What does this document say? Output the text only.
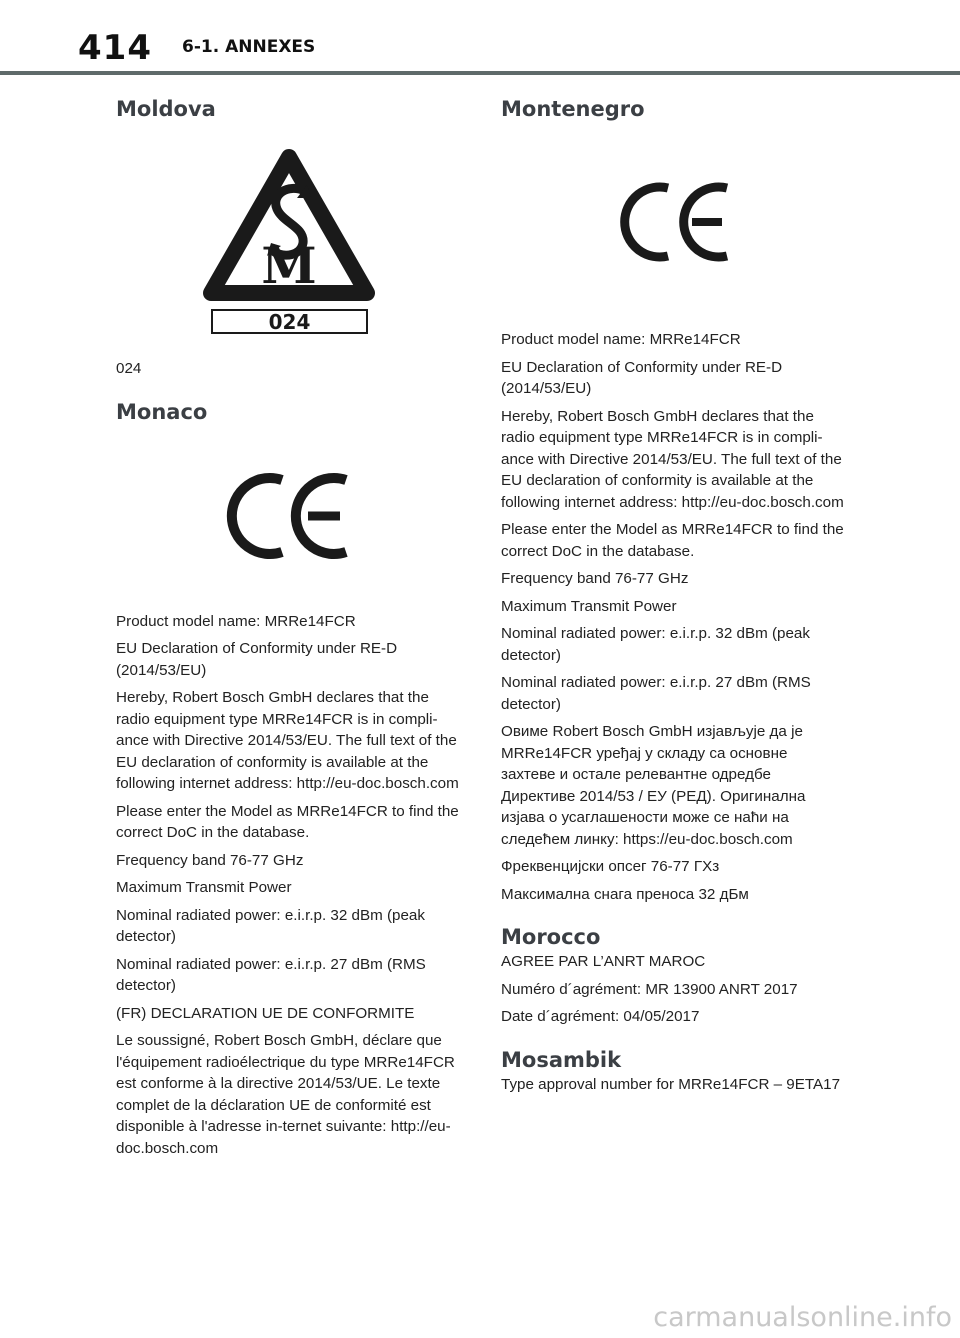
414 6-1. ANNEXES
Moldova
M
024

024

Monaco

Product model name: MRRe14FCR

EU Declaration of Conformity under RE-D (2014/53/EU)

Hereby, Robert Bosch GmbH declares that the radio equipment type MRRe14FCR is in compli-ance with Directive 2014/53/EU. The full text of the EU declaration of conformity is available at the following internet address: http://eu-doc.bosch.com

Please enter the Model as MRRe14FCR to find the correct DoC in the database.

Frequency band 76-77 GHz

Maximum Transmit Power

Nominal radiated power: e.i.r.p. 32 dBm (peak detector)

Nominal radiated power: e.i.r.p. 27 dBm (RMS detector)

(FR) DECLARATION UE DE CONFORMITE

Le soussigné, Robert Bosch GmbH, déclare que l'équipement radioélectrique du type MRRe14FCR est conforme à la directive 2014/53/UE. Le texte complet de la déclaration UE de conformité est disponible à l'adresse in-ternet suivante: http://eu-doc.bosch.com

Montenegro

Product model name: MRRe14FCR

EU Declaration of Conformity under RE-D (2014/53/EU)

Hereby, Robert Bosch GmbH declares that the radio equipment type MRRe14FCR is in compli-ance with Directive 2014/53/EU. The full text of the EU declaration of conformity is available at the following internet address: http://eu-doc.bosch.com

Please enter the Model as MRRe14FCR to find the correct DoC in the database.

Frequency band 76-77 GHz

Maximum Transmit Power

Nominal radiated power: e.i.r.p. 32 dBm (peak detector)

Nominal radiated power: e.i.r.p. 27 dBm (RMS detector)

Овиме Robert Bosch GmbH изјављује да је MRRe14FCR уређај у складу са основне захтеве и остале релевантне одредбе Директиве 2014/53 / ЕУ (РЕД). Оригинална изјава о усаглашености може се наћи на следећем линку: https://eu-doc.bosch.com

Фреквенцијски опсег 76-77 ГХз

Максимална снага преноса 32 дБм

Morocco

AGREE PAR L’ANRT MAROC

Numéro d´agrément: MR 13900 ANRT 2017

Date d´agrément: 04/05/2017

Mosambik

Type approval number for MRRe14FCR – 9ETA17

carmanualsonline.info
